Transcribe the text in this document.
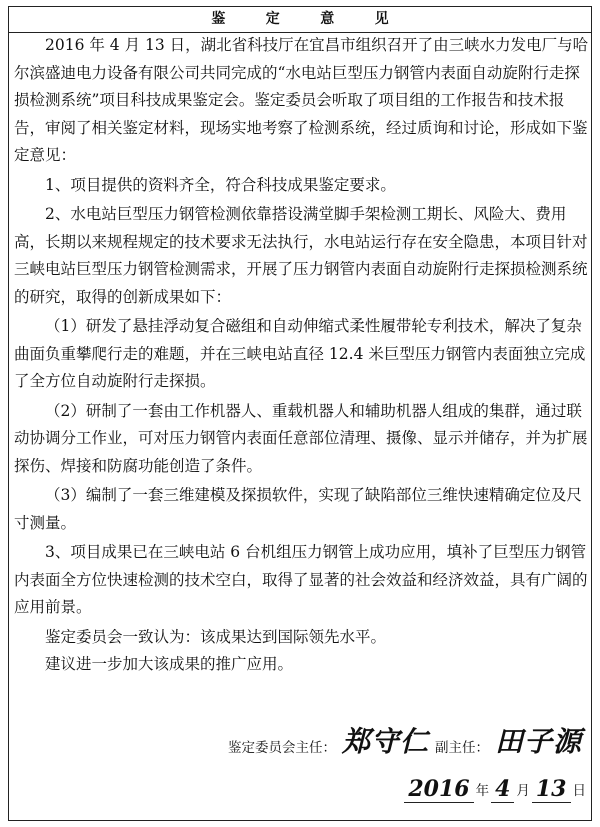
鉴	定	意	见

2016 年 4 月 13 日，湖北省科技厅在宜昌市组织召开了由三峡水力发电厂与哈尔滨盛迪电力设备有限公司共同完成的“水电站巨型压力钢管内表面自动旋附行走探损检测系统”项目科技成果鉴定会。鉴定委员会听取了项目组的工作报告和技术报告，审阅了相关鉴定材料，现场实地考察了检测系统，经过质询和讨论，形成如下鉴定意见：

1、项目提供的资料齐全，符合科技成果鉴定要求。

2、水电站巨型压力钢管检测依靠搭设满堂脚手架检测工期长、风险大、费用高，长期以来规程规定的技术要求无法执行，水电站运行存在安全隐患，本项目针对三峡电站巨型压力钢管检测需求，开展了压力钢管内表面自动旋附行走探损检测系统的研究，取得的创新成果如下：

（1）研发了悬挂浮动复合磁组和自动伸缩式柔性履带轮专利技术，解决了复杂曲面负重攀爬行走的难题，并在三峡电站直径 12.4 米巨型压力钢管内表面独立完成了全方位自动旋附行走探损。

（2）研制了一套由工作机器人、重载机器人和辅助机器人组成的集群，通过联动协调分工作业，可对压力钢管内表面任意部位清理、摄像、显示并储存，并为扩展探伤、焊接和防腐功能创造了条件。

（3）编制了一套三维建模及探损软件，实现了缺陷部位三维快速精确定位及尺寸测量。

3、项目成果已在三峡电站 6 台机组压力钢管上成功应用，填补了巨型压力钢管内表面全方位快速检测的技术空白，取得了显著的社会效益和经济效益，具有广阔的应用前景。

鉴定委员会一致认为：该成果达到国际领先水平。

建议进一步加大该成果的推广应用。

鉴定委员会主任： 郑守仁 副主任： 田子源
2016 年 4 月 13 日
